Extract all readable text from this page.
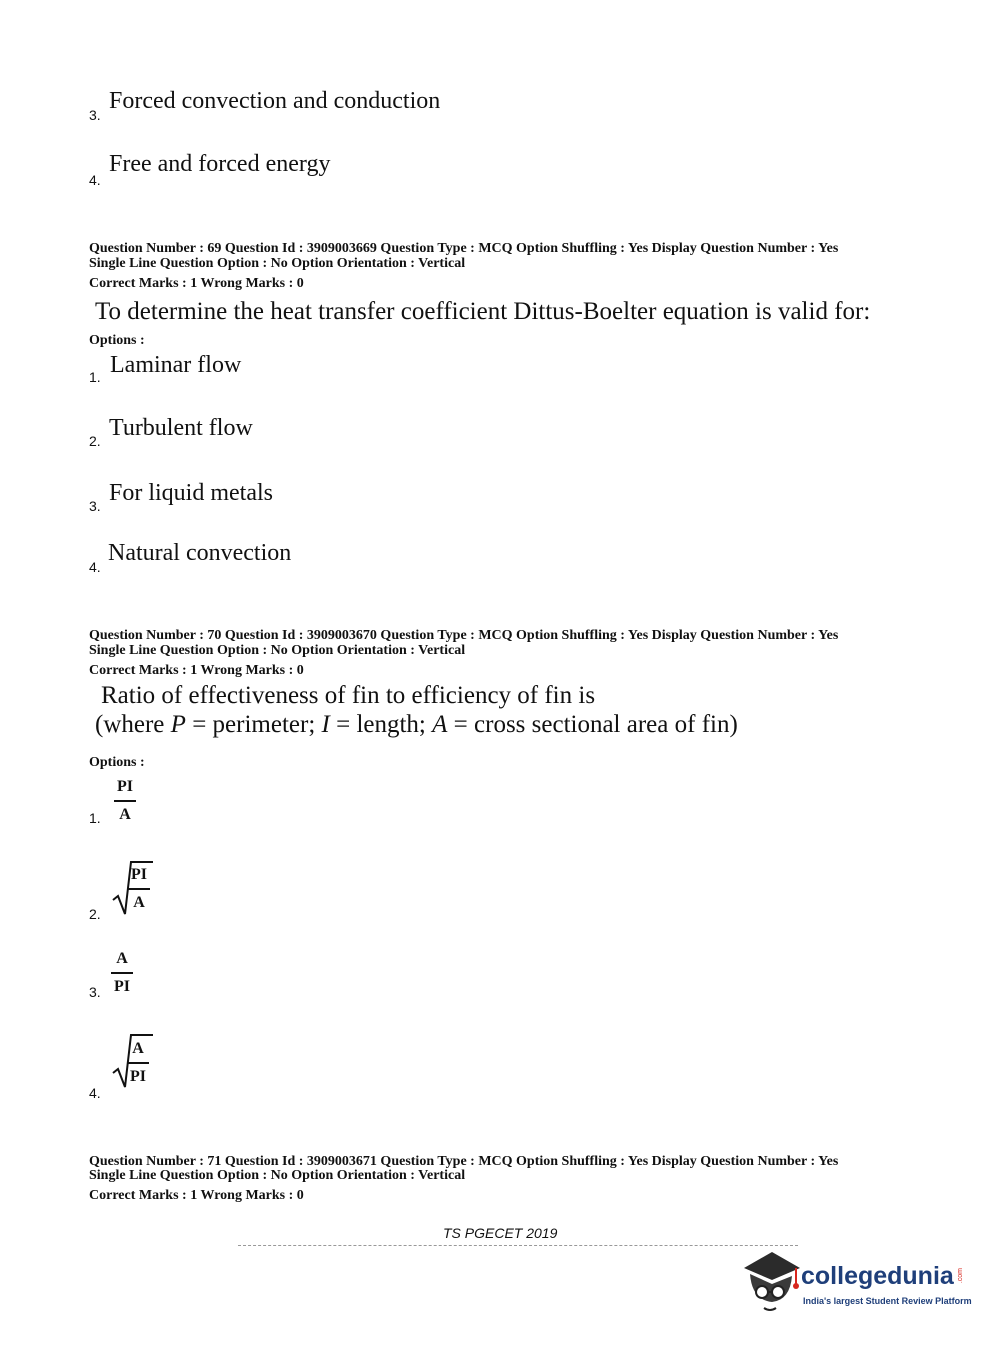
3.
Forced convection and conduction
4.
Free and forced energy
Question Number : 69 Question Id : 3909003669 Question Type : MCQ Option Shuffling : Yes Display Question Number : Yes
Single Line Question Option : No Option Orientation : Vertical
Correct Marks : 1 Wrong Marks : 0
To determine the heat transfer coefficient Dittus-Boelter equation is valid for:
Options :
1. Laminar flow
2. Turbulent flow
3. For liquid metals
4.
Natural convection
Question Number : 70 Question Id : 3909003670 Question Type : MCQ Option Shuffling : Yes Display Question Number : Yes
Single Line Question Option : No Option Orientation : Vertical
Correct Marks : 1 Wrong Marks : 0
Ratio of effectiveness of fin to efficiency of fin is
(where P = perimeter; I = length; A = cross sectional area of fin)
Options :
1.
PI
A
2.
PI
A
3.
A
PI
4.
A
PI
Question Number : 71 Question Id : 3909003671 Question Type : MCQ Option Shuffling : Yes Display Question Number : Yes
Single Line Question Option : No Option Orientation : Vertical
Correct Marks : 1 Wrong Marks : 0
TS PGECET 2019
collegedunia .com
India's largest Student Review Platform
